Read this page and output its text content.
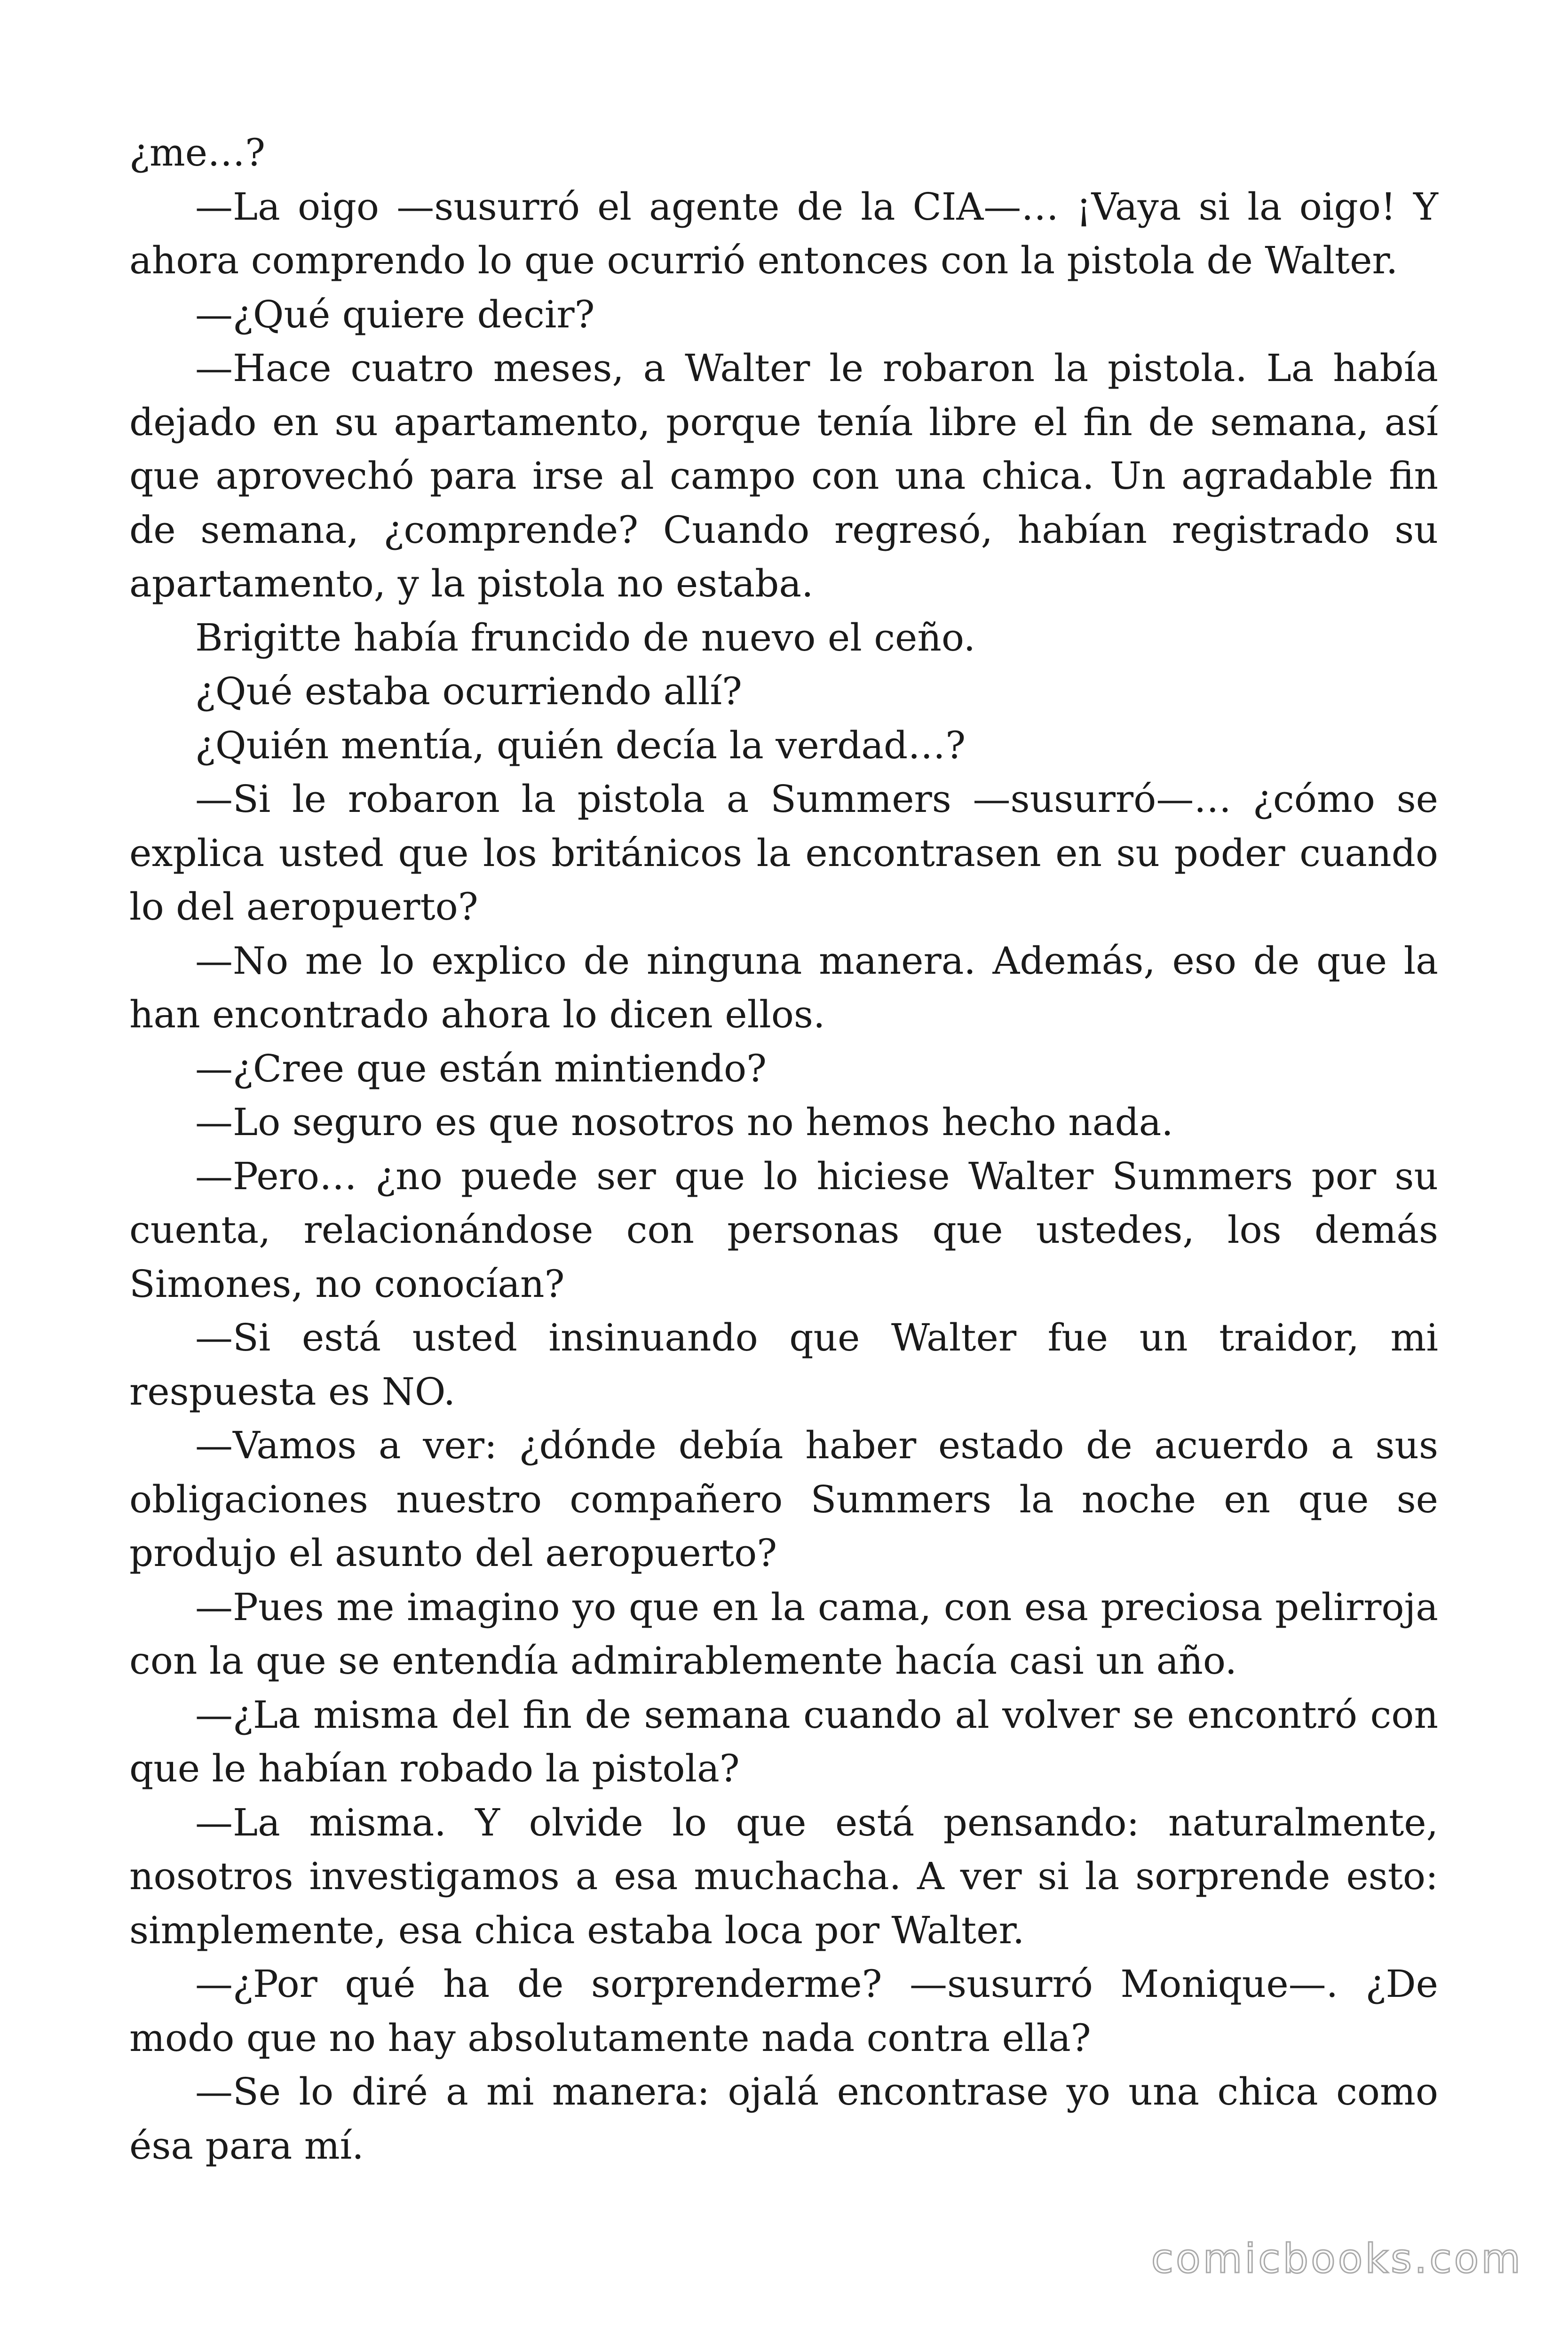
¿me…?

—La oigo —susurró el agente de la CIA—… ¡Vaya si la oigo! Y ahora comprendo lo que ocurrió entonces con la pistola de Walter.

—¿Qué quiere decir?

—Hace cuatro meses, a Walter le robaron la pistola. La había dejado en su apartamento, porque tenía libre el fin de semana, así que aprovechó para irse al campo con una chica. Un agradable fin de semana, ¿comprende? Cuando regresó, habían registrado su apartamento, y la pistola no estaba.

Brigitte había fruncido de nuevo el ceño.

¿Qué estaba ocurriendo allí?

¿Quién mentía, quién decía la verdad…?

—Si le robaron la pistola a Summers —susurró—… ¿cómo se explica usted que los británicos la encontrasen en su poder cuando lo del aeropuerto?

—No me lo explico de ninguna manera. Además, eso de que la han encontrado ahora lo dicen ellos.

—¿Cree que están mintiendo?

—Lo seguro es que nosotros no hemos hecho nada.

—Pero… ¿no puede ser que lo hiciese Walter Summers por su cuenta, relacionándose con personas que ustedes, los demás Simones, no conocían?

—Si está usted insinuando que Walter fue un traidor, mi respuesta es NO.

—Vamos a ver: ¿dónde debía haber estado de acuerdo a sus obligaciones nuestro compañero Summers la noche en que se produjo el asunto del aeropuerto?

—Pues me imagino yo que en la cama, con esa preciosa pelirroja con la que se entendía admirablemente hacía casi un año.

—¿La misma del fin de semana cuando al volver se encontró con que le habían robado la pistola?

—La misma. Y olvide lo que está pensando: naturalmente, nosotros investigamos a esa muchacha. A ver si la sorprende esto: simplemente, esa chica estaba loca por Walter.

—¿Por qué ha de sorprenderme? —susurró Monique—. ¿De modo que no hay absolutamente nada contra ella?

—Se lo diré a mi manera: ojalá encontrase yo una chica como ésa para mí.

comicbooks.com
